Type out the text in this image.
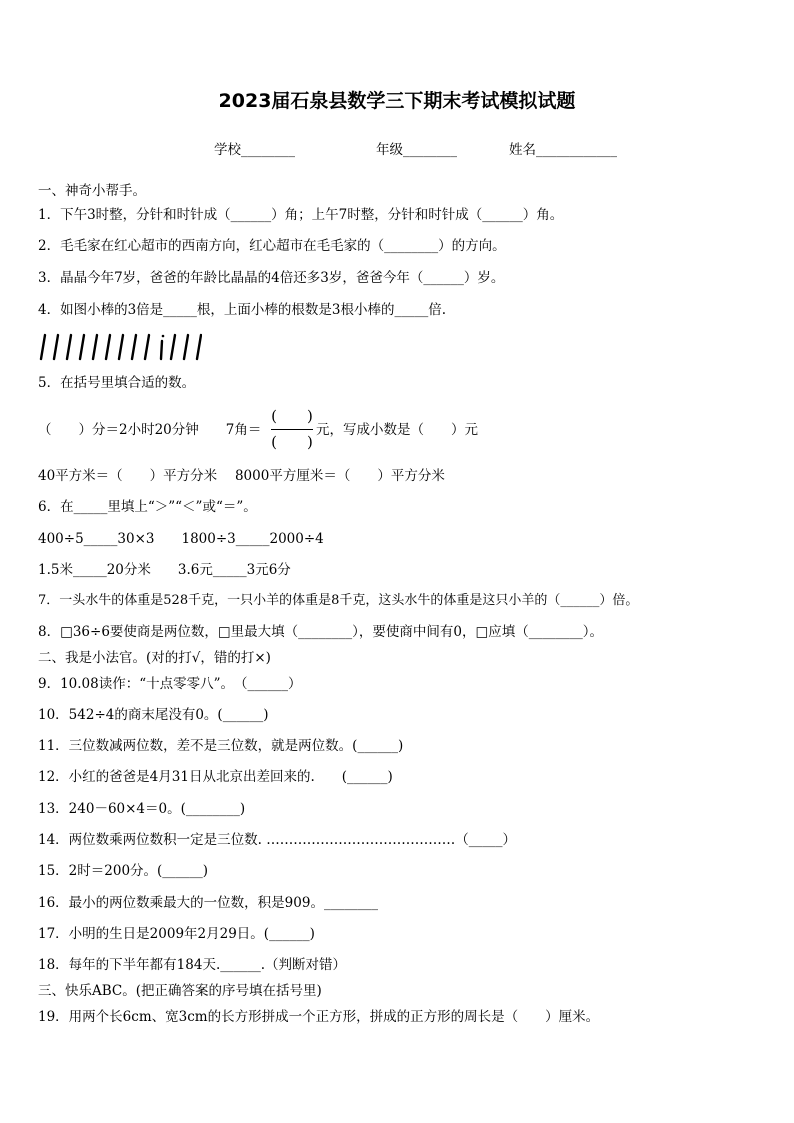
2023届石泉县数学三下期末考试模拟试题
学校________	年级________	姓名____________
一、神奇小帮手。
1．下午3时整，分针和时针成（______）角；上午7时整，分针和时针成（______）角。
2．毛毛家在红心超市的西南方向，红心超市在毛毛家的（________）的方向。
3．晶晶今年7岁，爸爸的年龄比晶晶的4倍还多3岁，爸爸今年（______）岁。
4．如图小棒的3倍是_____根，上面小棒的根数是3根小棒的_____倍.
5．在括号里填合适的数。
（　　）分＝2小时20分钟　　7角＝
(　　)
(　　)
元，写成小数是（　　）元
40平方米＝（　　）平方分米　 8000平方厘米＝（　　）平方分米
6．在_____里填上“＞”“＜”或“＝”。
400÷5_____30×3　　1800÷3_____2000÷4
1.5米_____20分米　　3.6元_____3元6分
7．一头水牛的体重是528千克，一只小羊的体重是8千克，这头水牛的体重是这只小羊的（______）倍。
8．□36÷6要使商是两位数，□里最大填（________），要使商中间有0，□应填（________）。
二、我是小法官。(对的打√，错的打×)
9．10.08读作：“十点零零八”。　（______）
10．542÷4的商末尾没有0。(______)
11．三位数减两位数，差不是三位数，就是两位数。(______)
12．小红的爸爸是4月31日从北京出差回来的.　　(______)
13．240－60×4＝0。(________)
14．两位数乘两位数积一定是三位数. ……………………………………（_____）
15．2时＝200分。(______)
16．最小的两位数乘最大的一位数，积是909。________
17．小明的生日是2009年2月29日。(______)
18．每年的下半年都有184天.______.（判断对错）
三、快乐ABC。(把正确答案的序号填在括号里)
19．用两个长6cm、宽3cm的长方形拼成一个正方形，拼成的正方形的周长是（　　）厘米。
